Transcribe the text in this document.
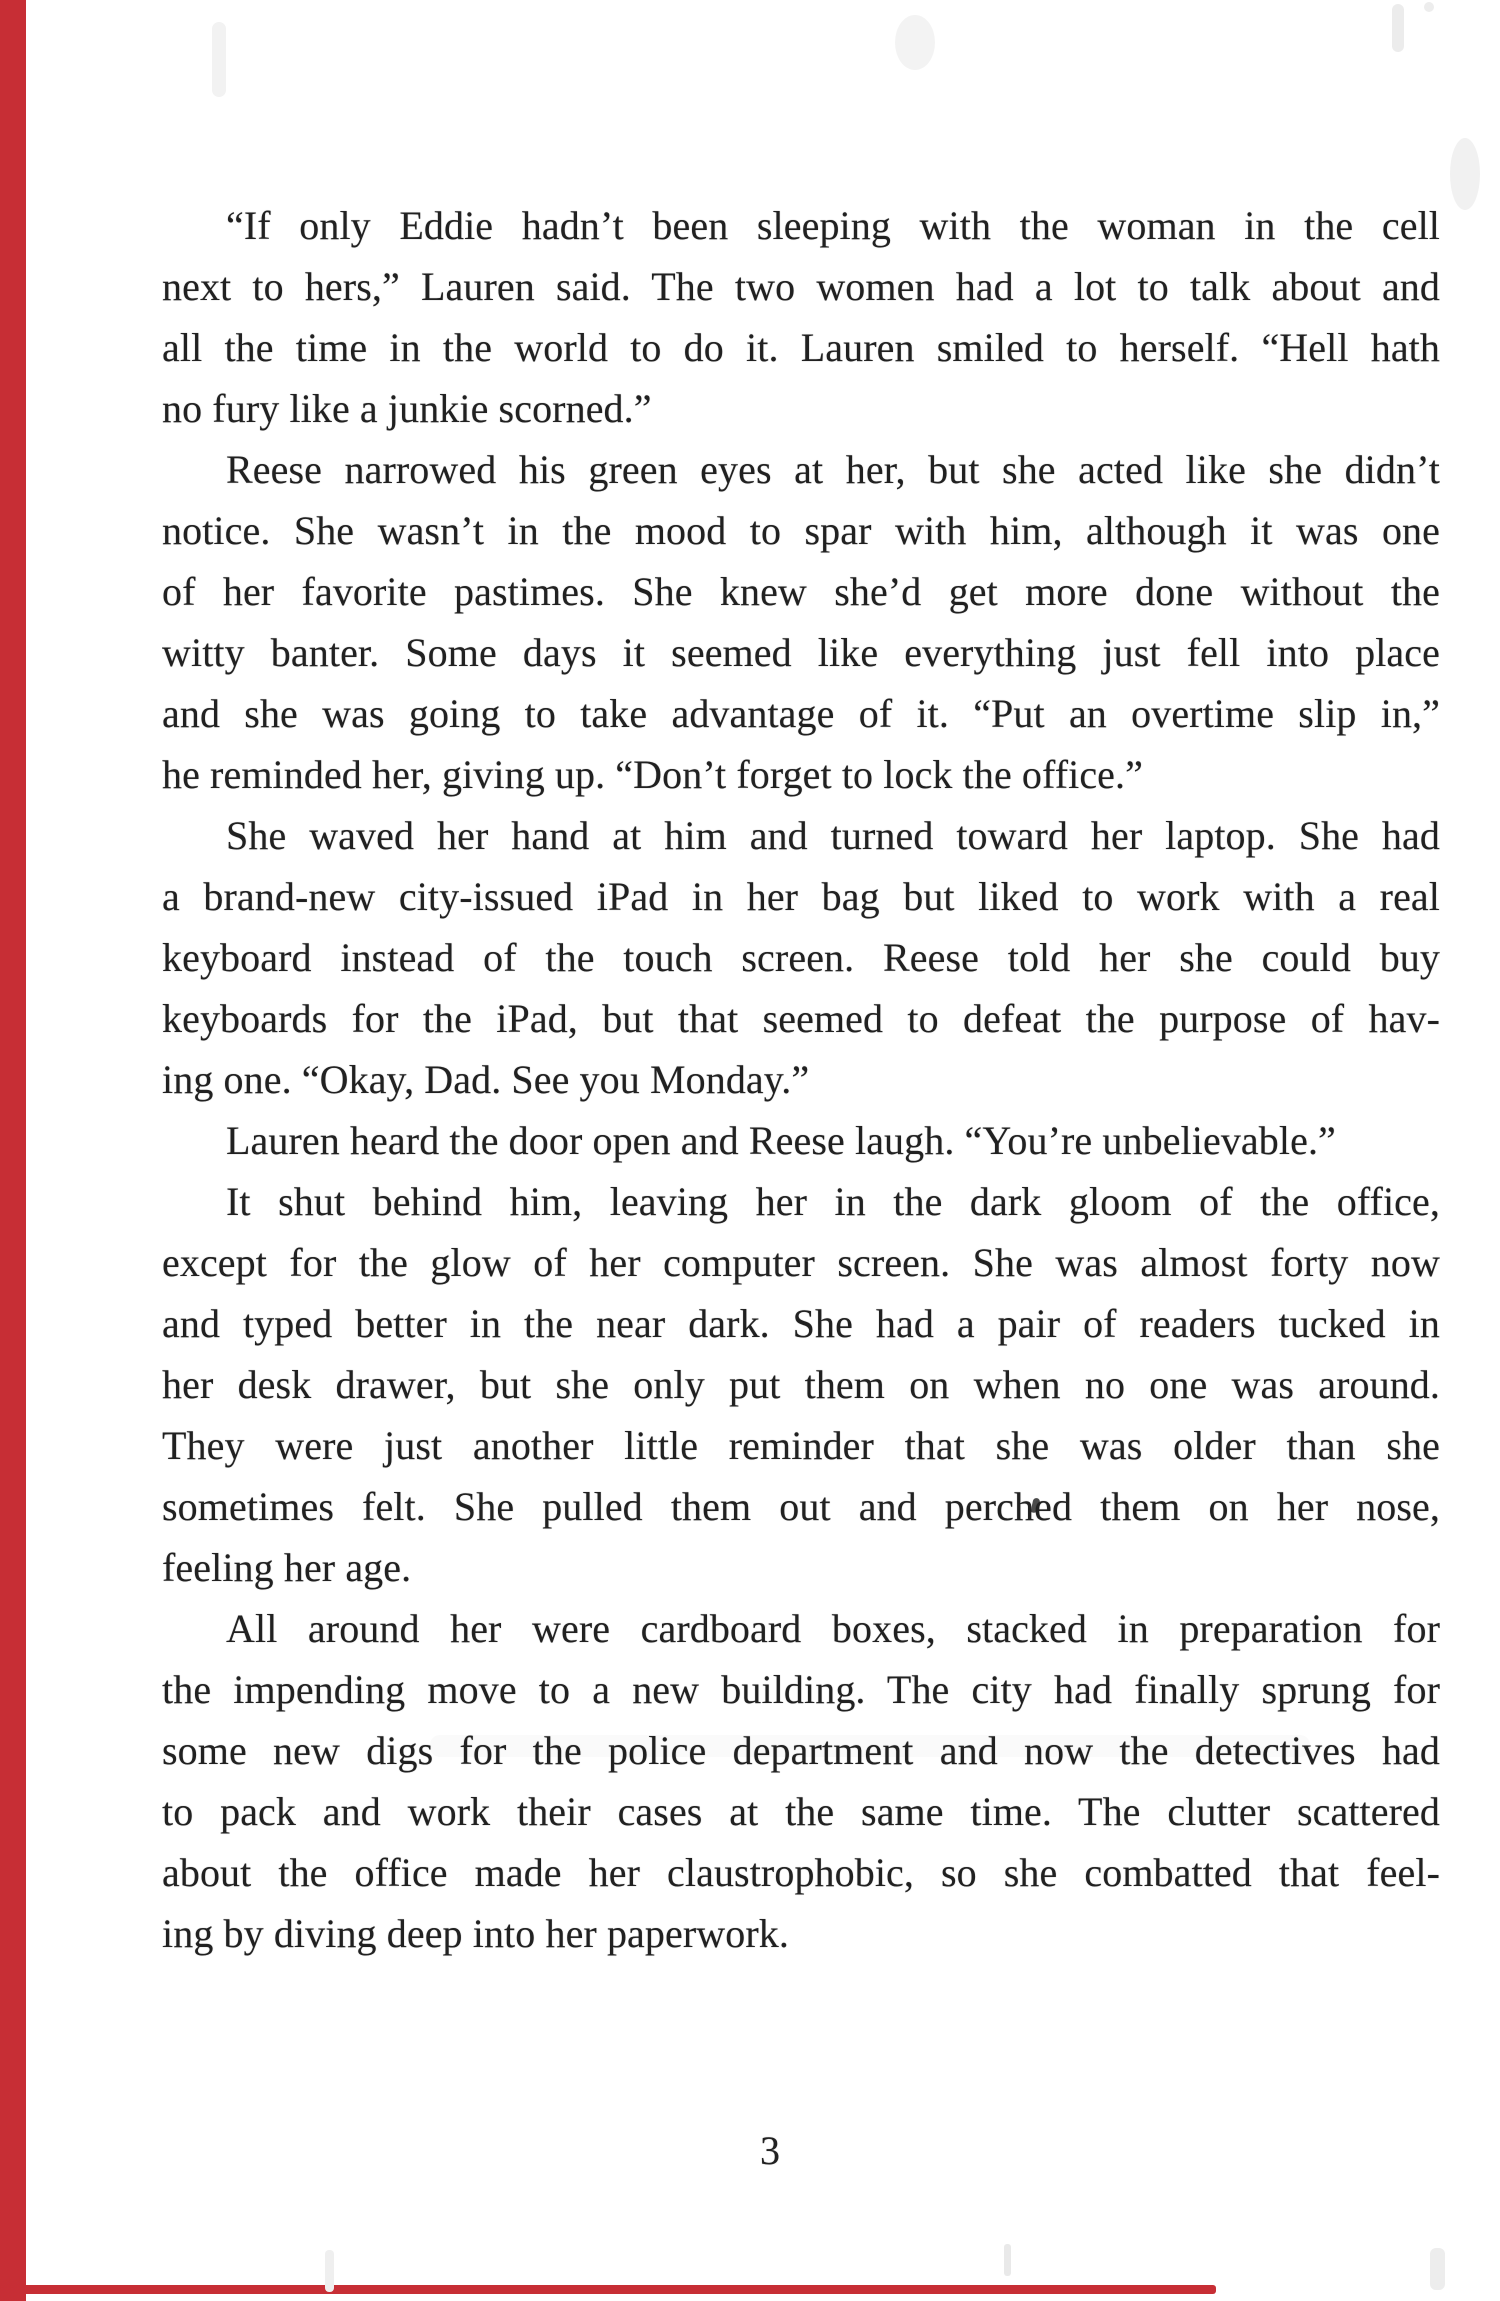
“If only Eddie hadn’t been sleeping with the woman in the cell
next to hers,” Lauren said. The two women had a lot to talk about and
all the time in the world to do it. Lauren smiled to herself. “Hell hath
no fury like a junkie scorned.”
Reese narrowed his green eyes at her, but she acted like she didn’t
notice. She wasn’t in the mood to spar with him, although it was one
of her favorite pastimes. She knew she’d get more done without the
witty banter. Some days it seemed like everything just fell into place
and she was going to take advantage of it. “Put an overtime slip in,”
he reminded her, giving up. “Don’t forget to lock the office.”
She waved her hand at him and turned toward her laptop. She had
a brand-new city-issued iPad in her bag but liked to work with a real
keyboard instead of the touch screen. Reese told her she could buy
keyboards for the iPad, but that seemed to defeat the purpose of hav-
ing one. “Okay, Dad. See you Monday.”
Lauren heard the door open and Reese laugh. “You’re unbelievable.”
It shut behind him, leaving her in the dark gloom of the office,
except for the glow of her computer screen. She was almost forty now
and typed better in the near dark. She had a pair of readers tucked in
her desk drawer, but she only put them on when no one was around.
They were just another little reminder that she was older than she
sometimes felt. She pulled them out and perched them on her nose,
feeling her age.
All around her were cardboard boxes, stacked in preparation for
the impending move to a new building. The city had finally sprung for
some new digs for the police department and now the detectives had
to pack and work their cases at the same time. The clutter scattered
about the office made her claustrophobic, so she combatted that feel-
ing by diving deep into her paperwork.
3
